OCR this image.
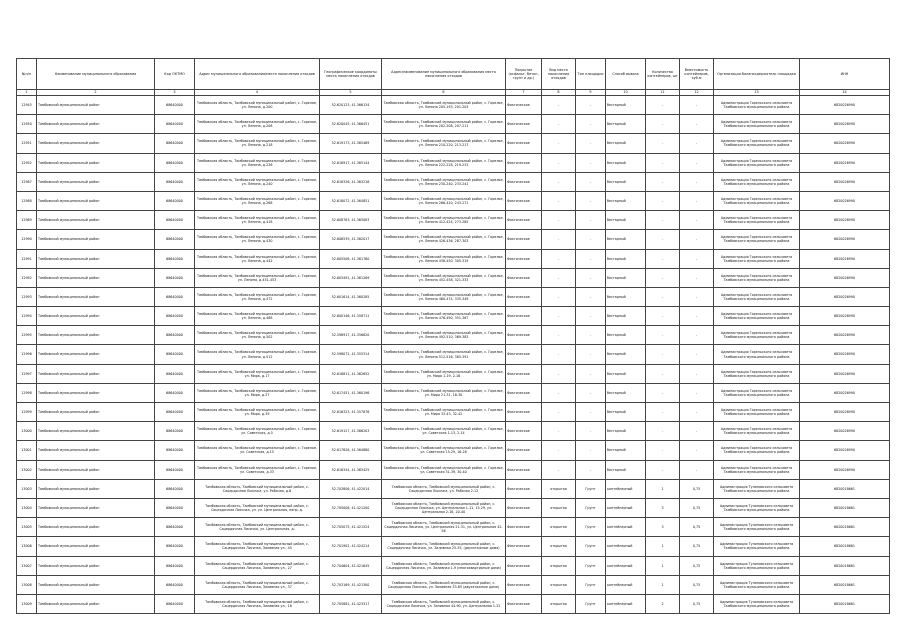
№п/п	Наименование муниципального образования	Код ОКТМО	Адрес муниципального образования/места накопления отходов	Географические координаты места накопления отходов	Адрес/наименование муниципального образования места накопления отходов	Покрытие (асфальт, бетон, грунт и др.)	Вид места накопления отходов	Тип площадки	Способ вывоза	Количество контейнеров, шт	Вместимость контейнеров, куб.м	Организация-балансодержатель площадки	ИНН
1	2	3	4	5	6	7	8	9	10	11	12	13	14
12945	Тамбовский муниципальный район	68640000	Тамбовская область, Тамбовский муниципальный район, с. Горелое, ул. Ленина, д.200	52.620123, 41.366134	Тамбовская область, Тамбовский муниципальный район, с. Горелое, ул. Ленина 205-193, 201-203	Фактическое	-	-	бестарный	-	-	Администрация Горельского сельсовета Тамбовского муниципального района	6820026990
12950	Тамбовский муниципальный район	68640000	Тамбовская область, Тамбовский муниципальный район, с. Горелое, ул. Ленина, д.208	52.620045, 41.366451	Тамбовская область, Тамбовский муниципальный район, с. Горелое, ул. Ленина 202-208, 207-211	Фактическое	-	-	бестарный	-	-	Администрация Горельского сельсовета Тамбовского муниципального района	6820026990
12951	Тамбовский муниципальный район	68640000	Тамбовская область, Тамбовский муниципальный район, с. Горелое, ул. Ленина, д.218	52.619173, 41.365469	Тамбовская область, Тамбовский муниципальный район, с. Горелое, ул. Ленина 210-220, 213-217	Фактическое	-	-	бестарный	-	-	Администрация Горельского сельсовета Тамбовского муниципального района	6820026990
12952	Тамбовский муниципальный район	68640000	Тамбовская область, Тамбовский муниципальный район, с. Горелое, ул. Ленина, д.226	52.618917, 41.365144	Тамбовская область, Тамбовский муниципальный район, с. Горелое, ул. Ленина 222-228, 219-231	Фактическое	-	-	бестарный	-	-	Администрация Горельского сельсовета Тамбовского муниципального района	6820026990
12987	Тамбовский муниципальный район	68640000	Тамбовская область, Тамбовский муниципальный район, с. Горелое, ул. Ленина, д.240	52.618326, 41.363216	Тамбовская область, Тамбовский муниципальный район, с. Горелое, ул. Ленина 230-240, 233-241	Фактическое	-	-	бестарный	-	-	Администрация Горельского сельсовета Тамбовского муниципального района	6820026990
12988	Тамбовский муниципальный район	68640000	Тамбовская область, Тамбовский муниципальный район, с. Горелое, ул. Ленина, д.268	52.618072, 41.364851	Тамбовская область, Тамбовский муниципальный район, с. Горелое, ул. Ленина 266-410, 243-271	Фактическое	-	-	бестарный	-	-	Администрация Горельского сельсовета Тамбовского муниципального района	6820026990
12989	Тамбовский муниципальный район	68640000	Тамбовская область, Тамбовский муниципальный район, с. Горелое, ул. Ленина, д.418	52.608763, 41.365083	Тамбовская область, Тамбовский муниципальный район, с. Горелое, ул. Ленина 412-424, 273-285	Фактическое	-	-	бестарный	-	-	Администрация Горельского сельсовета Тамбовского муниципального района	6820026990
12990	Тамбовский муниципальный район	68640000	Тамбовская область, Тамбовский муниципальный район, с. Горелое, ул. Ленина, д.430	52.606539, 41.362017	Тамбовская область, Тамбовский муниципальный район, с. Горелое, ул. Ленина 426-436, 287-303	Фактическое	-	-	бестарный	-	-	Администрация Горельского сельсовета Тамбовского муниципального района	6820026990
12991	Тамбовский муниципальный район	68640000	Тамбовская область, Тамбовский муниципальный район, с. Горелое, ул. Ленина, д.442	52.605508, 41.361780	Тамбовская область, Тамбовский муниципальный район, с. Горелое, ул. Ленина 438-450, 305-319	Фактическое	-	-	бестарный	-	-	Администрация Горельского сельсовета Тамбовского муниципального района	6820026990
12992	Тамбовский муниципальный район	68640000	Тамбовская область, Тамбовский муниципальный район, с. Горелое, ул. Ленина, д.451-453	52.603491, 41.361269	Тамбовская область, Тамбовский муниципальный район, с. Горелое, ул. Ленина 452-458, 321-333	Фактическое	-	-	бестарный	-	-	Администрация Горельского сельсовета Тамбовского муниципального района	6820026990
12993	Тамбовский муниципальный район	68640000	Тамбовская область, Тамбовский муниципальный район, с. Горелое, ул. Ленина, д.472	52.601614, 41.360285	Тамбовская область, Тамбовский муниципальный район, с. Горелое, ул. Ленина 460-474, 335-349	Фактическое	-	-	бестарный	-	-	Администрация Горельского сельсовета Тамбовского муниципального района	6820026990
12994	Тамбовский муниципальный район	68640000	Тамбовская область, Тамбовский муниципальный район, с. Горелое, ул. Ленина, д.488	52.600146, 41.358711	Тамбовская область, Тамбовский муниципальный район, с. Горелое, ул. Ленина 476-490, 351-367	Фактическое	-	-	бестарный	-	-	Администрация Горельского сельсовета Тамбовского муниципального района	6820026990
12995	Тамбовский муниципальный район	68640000	Тамбовская область, Тамбовский муниципальный район, с. Горелое, ул. Ленина, д.502	52.598917, 41.356820	Тамбовская область, Тамбовский муниципальный район, с. Горелое, ул. Ленина 492-510, 369-383	Фактическое	-	-	бестарный	-	-	Администрация Горельского сельсовета Тамбовского муниципального района	6820026990
12996	Тамбовский муниципальный район	68640000	Тамбовская область, Тамбовский муниципальный район, с. Горелое, ул. Ленина, д.512	52.598072, 41.355314	Тамбовская область, Тамбовский муниципальный район, с. Горелое, ул. Ленина 512-516, 385-391	Фактическое	-	-	бестарный	-	-	Администрация Горельского сельсовета Тамбовского муниципального района	6820026990
12997	Тамбовский муниципальный район	68640000	Тамбовская область, Тамбовский муниципальный район, с. Горелое, ул. Мира, д.17	52.618811, 41.362652	Тамбовская область, Тамбовский муниципальный район, с. Горелое, ул. Мира 1-19, 2-16	Фактическое	-	-	бестарный	-	-	Администрация Горельского сельсовета Тамбовского муниципального района	6820026990
12998	Тамбовский муниципальный район	68640000	Тамбовская область, Тамбовский муниципальный район, с. Горелое, ул. Мира, д.27	52.617451, 41.360196	Тамбовская область, Тамбовский муниципальный район, с. Горелое, ул. Мира 21-31, 18-30	Фактическое	-	-	бестарный	-	-	Администрация Горельского сельсовета Тамбовского муниципального района	6820026990
12999	Тамбовский муниципальный район	68640000	Тамбовская область, Тамбовский муниципальный район, с. Горелое, ул. Мира, д.39	52.616323, 41.357876	Тамбовская область, Тамбовский муниципальный район, с. Горелое, ул. Мира 33-43, 32-42	Фактическое	-	-	бестарный	-	-	Администрация Горельского сельсовета Тамбовского муниципального района	6820026990
13000	Тамбовский муниципальный район	68640000	Тамбовская область, Тамбовский муниципальный район, с. Горелое, ул. Советская, д.5	52.619127, 41.366203	Тамбовская область, Тамбовский муниципальный район, с. Горелое, ул. Советская 1-13, 2-14	Фактическое	-	-	бестарный	-	-	Администрация Горельского сельсовета Тамбовского муниципального района	6820026990
13001	Тамбовский муниципальный район	68640000	Тамбовская область, Тамбовский муниципальный район, с. Горелое, ул. Советская, д.15	52.617826, 41.364880	Тамбовская область, Тамбовский муниципальный район, с. Горелое, ул. Советская 15-29, 16-28	Фактическое	-	-	бестарный	-	-	Администрация Горельского сельсовета Тамбовского муниципального района	6820026990
13002	Тамбовский муниципальный район	68640000	Тамбовская область, Тамбовский муниципальный район, с. Горелое, ул. Советская, д.33	52.616344, 41.363425	Тамбовская область, Тамбовский муниципальный район, с. Горелое, ул. Советская 31-39, 30-40	Фактическое	-	-	бестарный	-	-	Администрация Горельского сельсовета Тамбовского муниципального района	6820026990
13003	Тамбовский муниципальный район	68640000	Тамбовская область, Тамбовский муниципальный район, с. Сацердочная Лисичка, ул. Рабочая, д.6	52.703806, 41.422014	Тамбовская область, Тамбовский муниципальный район, с. Сацердочная Лисичка, ул. Рабочая 2-12	Фактическое	открытая	Грунт	контейнерный	1	0,75	Администрация Тулиновского сельсовета Тамбовского муниципального района	6820018661
13004	Тамбовский муниципальный район	68640000	Тамбовская область, Тамбовский муниципальный район, с. Сацердочная Лисичка, ул. ул. Центральная, напр. д.	52.705006, 41.421200	Тамбовская область, Тамбовский муниципальный район, с. Сацердочная Лисичка, ул. Центральная 1-11, 15-29, ул. Центральная 2-18, 20-40	Фактическое	открытая	Грунт	контейнерный	3	0,75	Администрация Тулиновского сельсовета Тамбовского муниципального района	6820018661
13005	Тамбовский муниципальный район	68640000	Тамбовская область, Тамбовский муниципальный район, с. Сацердочная Лисичка, ул. Центральная, д.	52.705075, 41.421524	Тамбовская область, Тамбовский муниципальный район, с. Сацердочная Лисичка, ул. Центральная 21-31, ул. Центральная 42-56	Фактическое	открытая	Грунт	контейнерный	3	0,75	Администрация Тулиновского сельсовета Тамбовского муниципального района	6820018661
13006	Тамбовский муниципальный район	68640000	Тамбовская область, Тамбовский муниципальный район, с. Сацердочная Лисичка, Заливная ул., 45	52.701902, 41.424214	Тамбовская область, Тамбовский муниципальный район, с. Сацердочная Лисичка, ул. Заливная 25-35, (двухэтажные дома)	Фактическое	открытая	Грунт	контейнерный	1	0,75	Администрация Тулиновского сельсовета Тамбовского муниципального района	6820018661
13007	Тамбовский муниципальный район	68640000	Тамбовская область, Тамбовский муниципальный район, с. Сацердочная Лисичка, Заливная ул., 27	52.704604, 41.421645	Тамбовская область, Тамбовский муниципальный район, с. Сацердочная Лисичка, ул. Заливная 1-9 (многоквартирные дома)	Фактическое	открытая	Грунт	контейнерный	1	0,75	Администрация Тулиновского сельсовета Тамбовского муниципального района	6820018661
13008	Тамбовский муниципальный район	68640000	Тамбовская область, Тамбовский муниципальный район, с. Сацердочная Лисичка, Заливная ул., 37	52.703169, 41.421300	Тамбовская область, Тамбовский муниципальный район, с. Сацердочная Лисичка, ул. Заливная 33-65 (двухэтажные дома)	Фактическое	открытая	Грунт	контейнерный	1	0,75	Администрация Тулиновского сельсовета Тамбовского муниципального района	6820018661
13009	Тамбовский муниципальный район	68640000	Тамбовская область, Тамбовский муниципальный район, с. Сацердочная Лисичка, Заливная ул., 18	52.705881, 41.423317	Тамбовская область, Тамбовский муниципальный район, с. Сацердочная Лисичка, ул. Заливная 44-90, ул. Центральная 1-22	Фактическое	открытая	Грунт	контейнерный	2	0,75	Администрация Тулиновского сельсовета Тамбовского муниципального района	6820018661
